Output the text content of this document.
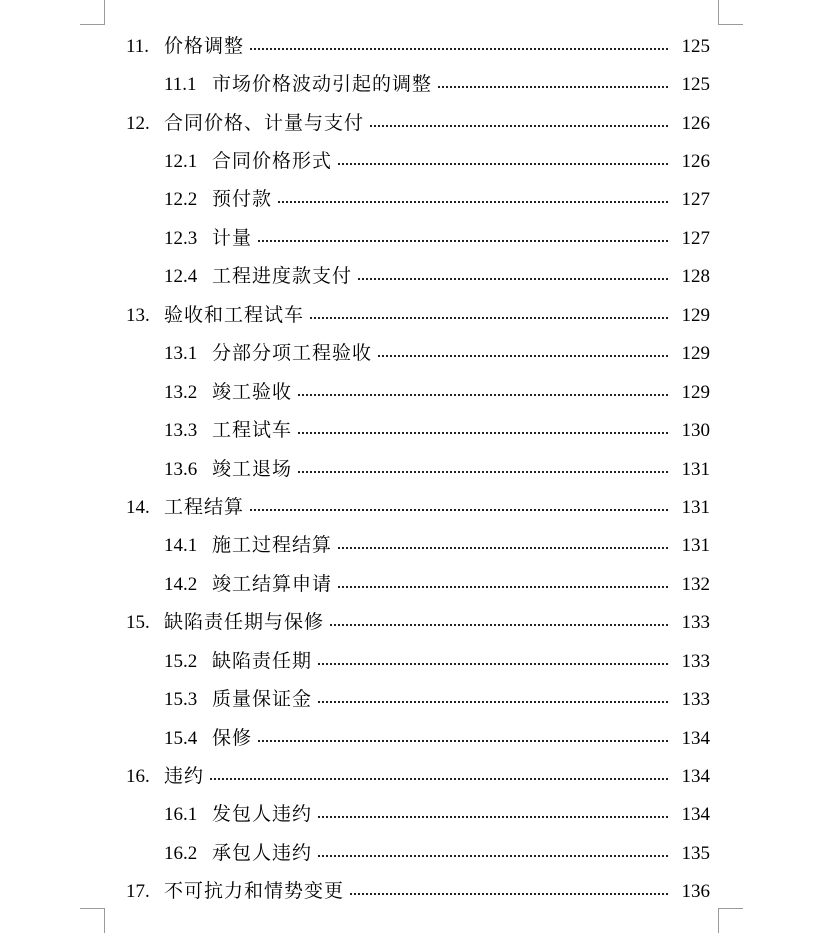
11. 价格调整	125
11.1 市场价格波动引起的调整	125
12. 合同价格、计量与支付	126
12.1 合同价格形式	126
12.2 预付款	127
12.3 计量	127
12.4 工程进度款支付	128
13. 验收和工程试车	129
13.1 分部分项工程验收	129
13.2 竣工验收	129
13.3 工程试车	130
13.6 竣工退场	131
14. 工程结算	131
14.1 施工过程结算	131
14.2 竣工结算申请	132
15. 缺陷责任期与保修	133
15.2 缺陷责任期	133
15.3 质量保证金	133
15.4 保修	134
16. 违约	134
16.1 发包人违约	134
16.2 承包人违约	135
17. 不可抗力和情势变更	136
